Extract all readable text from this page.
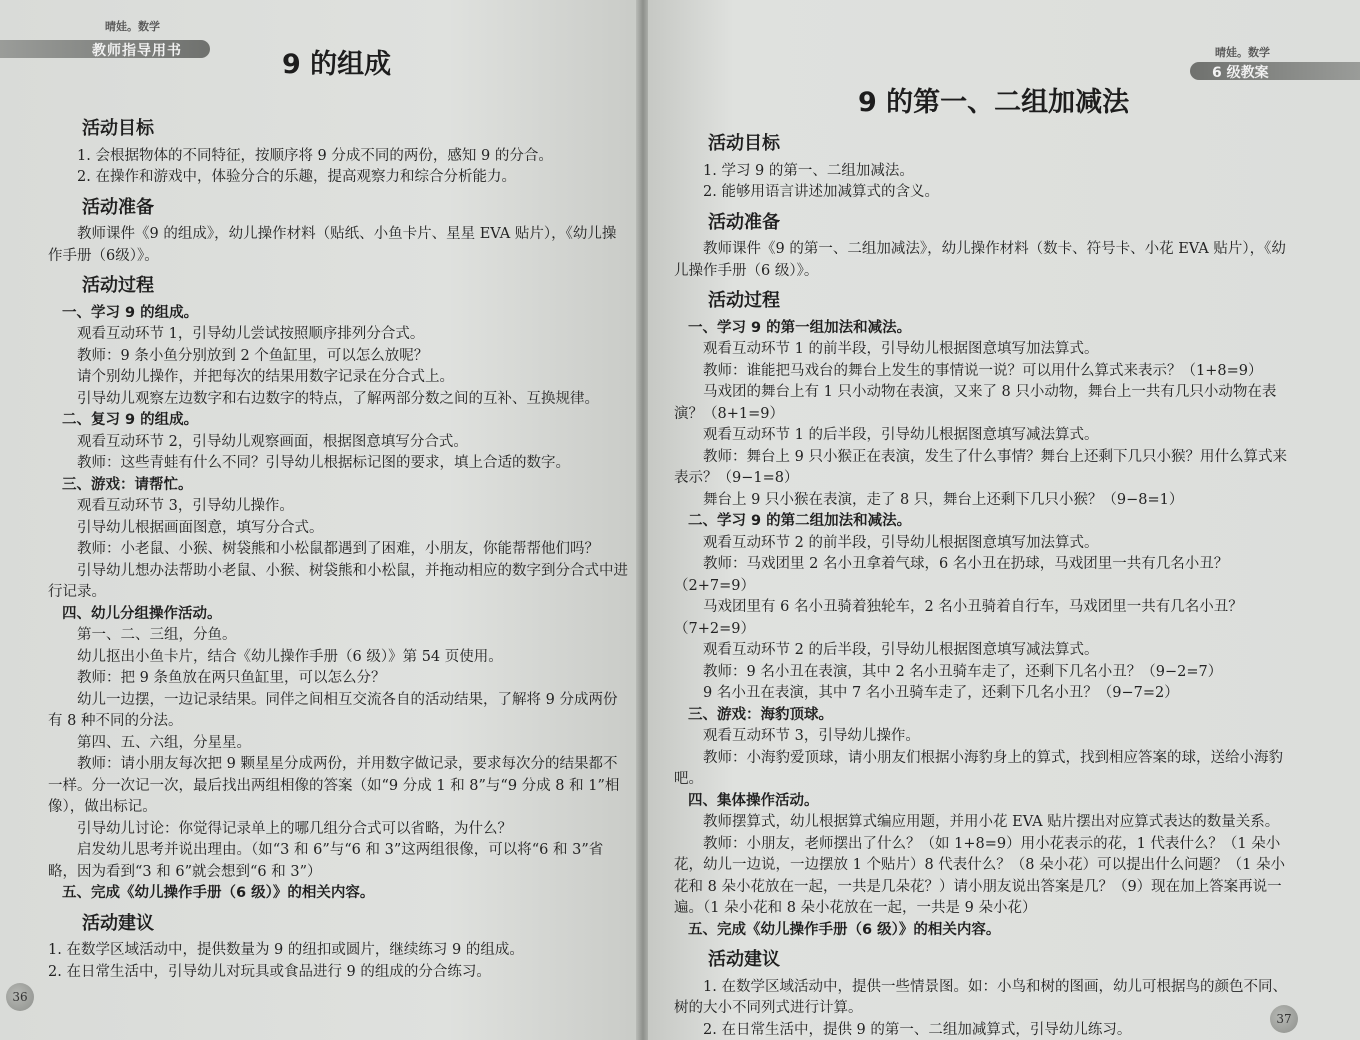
晴娃。数学
教师指导用书	9 的组成
活动目标

1. 会根据物体的不同特征，按顺序将 9 分成不同的两份，感知 9 的分合。

2. 在操作和游戏中，体验分合的乐趣，提高观察力和综合分析能力。

活动准备

教师课件《9 的组成》，幼儿操作材料（贴纸、小鱼卡片、星星 EVA 贴片），《幼儿操作手册（6级）》。

活动过程
一、学习 9 的组成。

观看互动环节 1，引导幼儿尝试按照顺序排列分合式。

教师：9 条小鱼分别放到 2 个鱼缸里，可以怎么放呢？

请个别幼儿操作，并把每次的结果用数字记录在分合式上。

引导幼儿观察左边数字和右边数字的特点，了解两部分数之间的互补、互换规律。

二、复习 9 的组成。

观看互动环节 2，引导幼儿观察画面，根据图意填写分合式。

教师：这些青蛙有什么不同？引导幼儿根据标记图的要求，填上合适的数字。

三、游戏：请帮忙。

观看互动环节 3，引导幼儿操作。

引导幼儿根据画面图意，填写分合式。

教师：小老鼠、小猴、树袋熊和小松鼠都遇到了困难，小朋友，你能帮帮他们吗？

引导幼儿想办法帮助小老鼠、小猴、树袋熊和小松鼠，并拖动相应的数字到分合式中进行记录。

四、幼儿分组操作活动。

第一、二、三组，分鱼。

幼儿抠出小鱼卡片，结合《幼儿操作手册（6 级）》第 54 页使用。

教师：把 9 条鱼放在两只鱼缸里，可以怎么分？

幼儿一边摆，一边记录结果。同伴之间相互交流各自的活动结果，了解将 9 分成两份有 8 种不同的分法。

第四、五、六组，分星星。

教师：请小朋友每次把 9 颗星星分成两份，并用数字做记录，要求每次分的结果都不一样。分一次记一次，最后找出两组相像的答案（如“9 分成 1 和 8”与“9 分成 8 和 1”相像），做出标记。

引导幼儿讨论：你觉得记录单上的哪几组分合式可以省略，为什么？

启发幼儿思考并说出理由。（如“3 和 6”与“6 和 3”这两组很像，可以将“6 和 3”省略，因为看到“3 和 6”就会想到“6 和 3”）

五、完成《幼儿操作手册（6 级）》的相关内容。
活动建议

1. 在数学区域活动中，提供数量为 9 的纽扣或圆片，继续练习 9 的组成。

2. 在日常生活中，引导幼儿对玩具或食品进行 9 的组成的分合练习。

36
晴娃。数学
6 级教案
9 的第一、二组加减法
活动目标

1. 学习 9 的第一、二组加减法。

2. 能够用语言讲述加减算式的含义。

活动准备

教师课件《9 的第一、二组加减法》，幼儿操作材料（数卡、符号卡、小花 EVA 贴片），《幼儿操作手册（6 级）》。

活动过程
一、学习 9 的第一组加法和减法。

观看互动环节 1 的前半段，引导幼儿根据图意填写加法算式。

教师：谁能把马戏台的舞台上发生的事情说一说？可以用什么算式来表示？（1+8=9）

马戏团的舞台上有 1 只小动物在表演，又来了 8 只小动物，舞台上一共有几只小动物在表演？（8+1=9）

观看互动环节 1 的后半段，引导幼儿根据图意填写减法算式。

教师：舞台上 9 只小猴正在表演，发生了什么事情？舞台上还剩下几只小猴？用什么算式来表示？（9−1=8）

舞台上 9 只小猴在表演，走了 8 只，舞台上还剩下几只小猴？（9−8=1）

二、学习 9 的第二组加法和减法。

观看互动环节 2 的前半段，引导幼儿根据图意填写加法算式。

教师：马戏团里 2 名小丑拿着气球，6 名小丑在扔球，马戏团里一共有几名小丑？（2+7=9）

马戏团里有 6 名小丑骑着独轮车，2 名小丑骑着自行车，马戏团里一共有几名小丑？（7+2=9）

观看互动环节 2 的后半段，引导幼儿根据图意填写减法算式。

教师：9 名小丑在表演，其中 2 名小丑骑车走了，还剩下几名小丑？（9−2=7）

9 名小丑在表演，其中 7 名小丑骑车走了，还剩下几名小丑？（9−7=2）

三、游戏：海豹顶球。

观看互动环节 3，引导幼儿操作。

教师：小海豹爱顶球，请小朋友们根据小海豹身上的算式，找到相应答案的球，送给小海豹吧。

四、集体操作活动。

教师摆算式，幼儿根据算式编应用题，并用小花 EVA 贴片摆出对应算式表达的数量关系。

教师：小朋友，老师摆出了什么？（如 1+8=9）用小花表示的花，1 代表什么？（1 朵小花，幼儿一边说，一边摆放 1 个贴片）8 代表什么？（8 朵小花）可以提出什么问题？（1 朵小花和 8 朵小花放在一起，一共是几朵花？）请小朋友说出答案是几？（9）现在加上答案再说一遍。（1 朵小花和 8 朵小花放在一起，一共是 9 朵小花）

五、完成《幼儿操作手册（6 级）》的相关内容。
活动建议

1. 在数学区域活动中，提供一些情景图。如：小鸟和树的图画，幼儿可根据鸟的颜色不同、树的大小不同列式进行计算。

2. 在日常生活中，提供 9 的第一、二组加减算式，引导幼儿练习。

37
